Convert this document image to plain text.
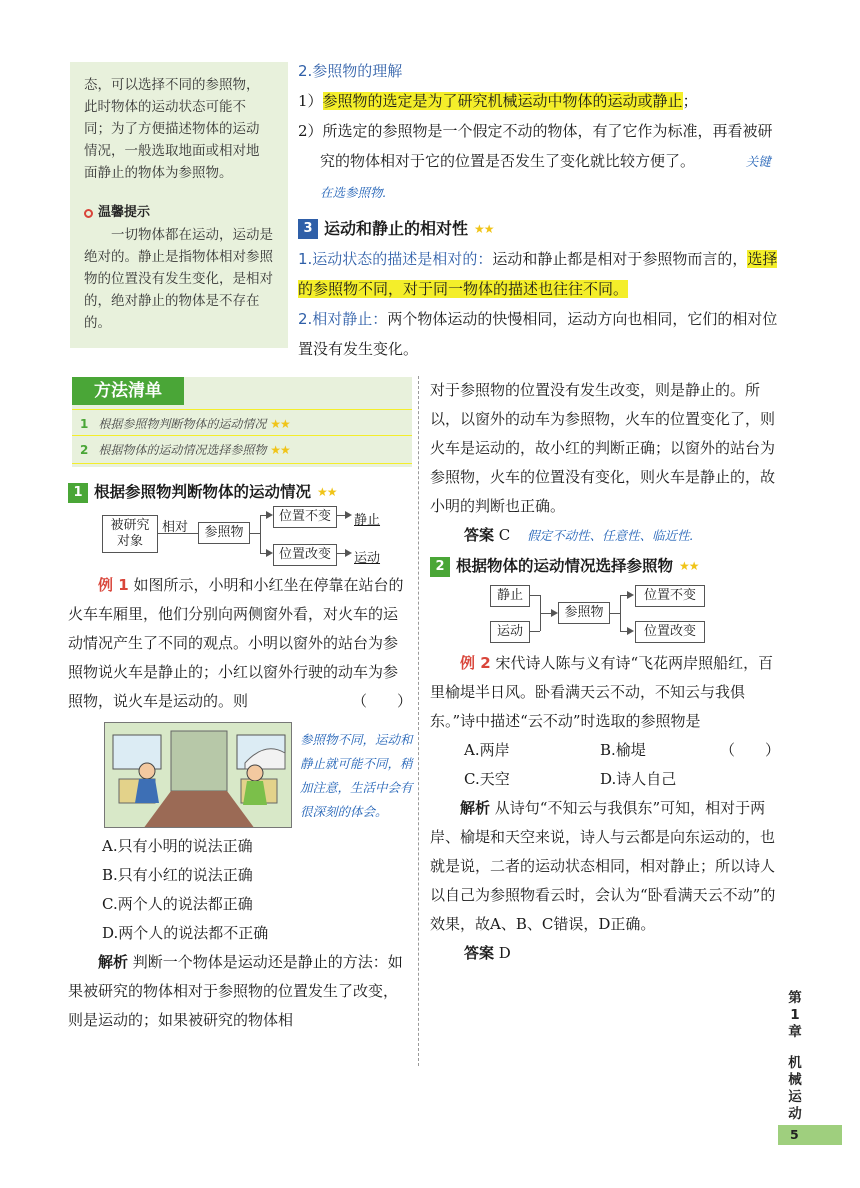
态，可以选择不同的参照物，
此时物体的运动状态可能不
同；为了方便描述物体的运动
情况，一般选取地面或相对地
面静止的物体为参照物。
温馨提示
一切物体都在运动，运动是绝对的。静止是指物体相对参照物的位置没有发生变化，是相对的，绝对静止的物体是不存在的。
2.参照物的理解
1）参照物的选定是为了研究机械运动中物体的运动或静止；
2）所选定的参照物是一个假定不动的物体，有了它作为标准，再看被研究的物体相对于它的位置是否发生了变化就比较方便了。	关键在选参照物.
3 运动和静止的相对性 ★★
1.运动状态的描述是相对的：运动和静止都是相对于参照物而言的，选择的参照物不同，对于同一物体的描述也往往不同。
2.相对静止：两个物体运动的快慢相同，运动方向也相同，它们的相对位置没有发生变化。
方法清单
1 根据参照物判断物体的运动情况 ★★
2 根据物体的运动情况选择参照物 ★★
1 根据参照物判断物体的运动情况 ★★
被研究
对象
相对	参照物
位置不变
位置改变
静止
运动
例 1 如图所示，小明和小红坐在停靠在站台的火车车厢里，他们分别向两侧窗外看，对火车的运动情况产生了不同的观点。小明以窗外的站台为参照物说火车是静止的；小红以窗外行驶的动车为参照物，说火车是运动的。则	（　　）
参照物不同，运动和静止就可能不同，稍加注意，生活中会有很深刻的体会。
A.只有小明的说法正确
B.只有小红的说法正确
C.两个人的说法都正确
D.两个人的说法都不正确
解析 判断一个物体是运动还是静止的方法：如果被研究的物体相对于参照物的位置发生了改变，则是运动的；如果被研究的物体相
对于参照物的位置没有发生改变，则是静止的。所以，以窗外的动车为参照物，火车的位置变化了，则火车是运动的，故小红的判断正确；以窗外的站台为参照物，火车的位置没有变化，则火车是静止的，故小明的判断也正确。
答案 C 假定不动性、任意性、临近性.
2 根据物体的运动情况选择参照物 ★★
静止
运动
参照物
位置不变
位置改变
例 2 宋代诗人陈与义有诗“飞花两岸照船红，百里榆堤半日风。卧看满天云不动，不知云与我俱东。”诗中描述“云不动”时选取的参照物是
（　　）
A.两岸	B.榆堤
C.天空	D.诗人自己
解析 从诗句“不知云与我俱东”可知，相对于两岸、榆堤和天空来说，诗人与云都是向东运动的，也就是说，二者的运动状态相同，相对静止；所以诗人以自己为参照物看云时，会认为“卧看满天云不动”的效果，故A、B、C错误，D正确。
答案 D
第1章
机械运动
5
